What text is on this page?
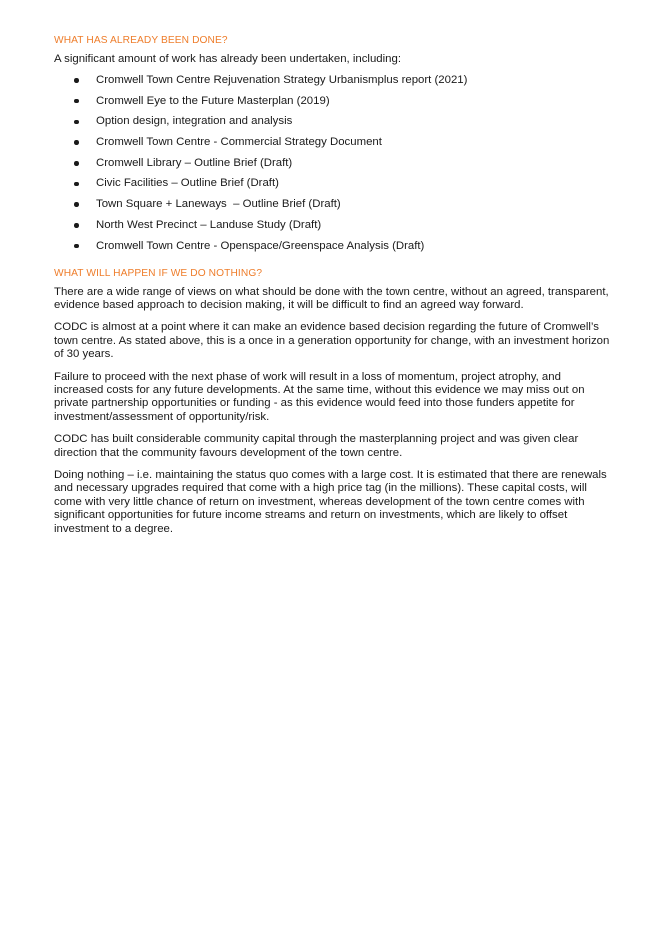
WHAT HAS ALREADY BEEN DONE?

A significant amount of work has already been undertaken, including:

Cromwell Town Centre Rejuvenation Strategy Urbanismplus report (2021)
Cromwell Eye to the Future Masterplan (2019)
Option design, integration and analysis
Cromwell Town Centre - Commercial Strategy Document
Cromwell Library – Outline Brief (Draft)
Civic Facilities – Outline Brief (Draft)
Town Square + Laneways  – Outline Brief (Draft)
North West Precinct – Landuse Study (Draft)
Cromwell Town Centre - Openspace/Greenspace Analysis (Draft)
WHAT WILL HAPPEN IF WE DO NOTHING?

There are a wide range of views on what should be done with the town centre, without an agreed, transparent, evidence based approach to decision making, it will be difficult to find an agreed way forward.

CODC is almost at a point where it can make an evidence based decision regarding the future of Cromwell’s town centre. As stated above, this is a once in a generation opportunity for change, with an investment horizon of 30 years.

Failure to proceed with the next phase of work will result in a loss of momentum, project atrophy, and increased costs for any future developments. At the same time, without this evidence we may miss out on private partnership opportunities or funding - as this evidence would feed into those funders appetite for investment/assessment of opportunity/risk.

CODC has built considerable community capital through the masterplanning project and was given clear direction that the community favours development of the town centre.

Doing nothing – i.e. maintaining the status quo comes with a large cost. It is estimated that there are renewals and necessary upgrades required that come with a high price tag (in the millions). These capital costs, will come with very little chance of return on investment, whereas development of the town centre comes with significant opportunities for future income streams and return on investments, which are likely to offset investment to a degree.
